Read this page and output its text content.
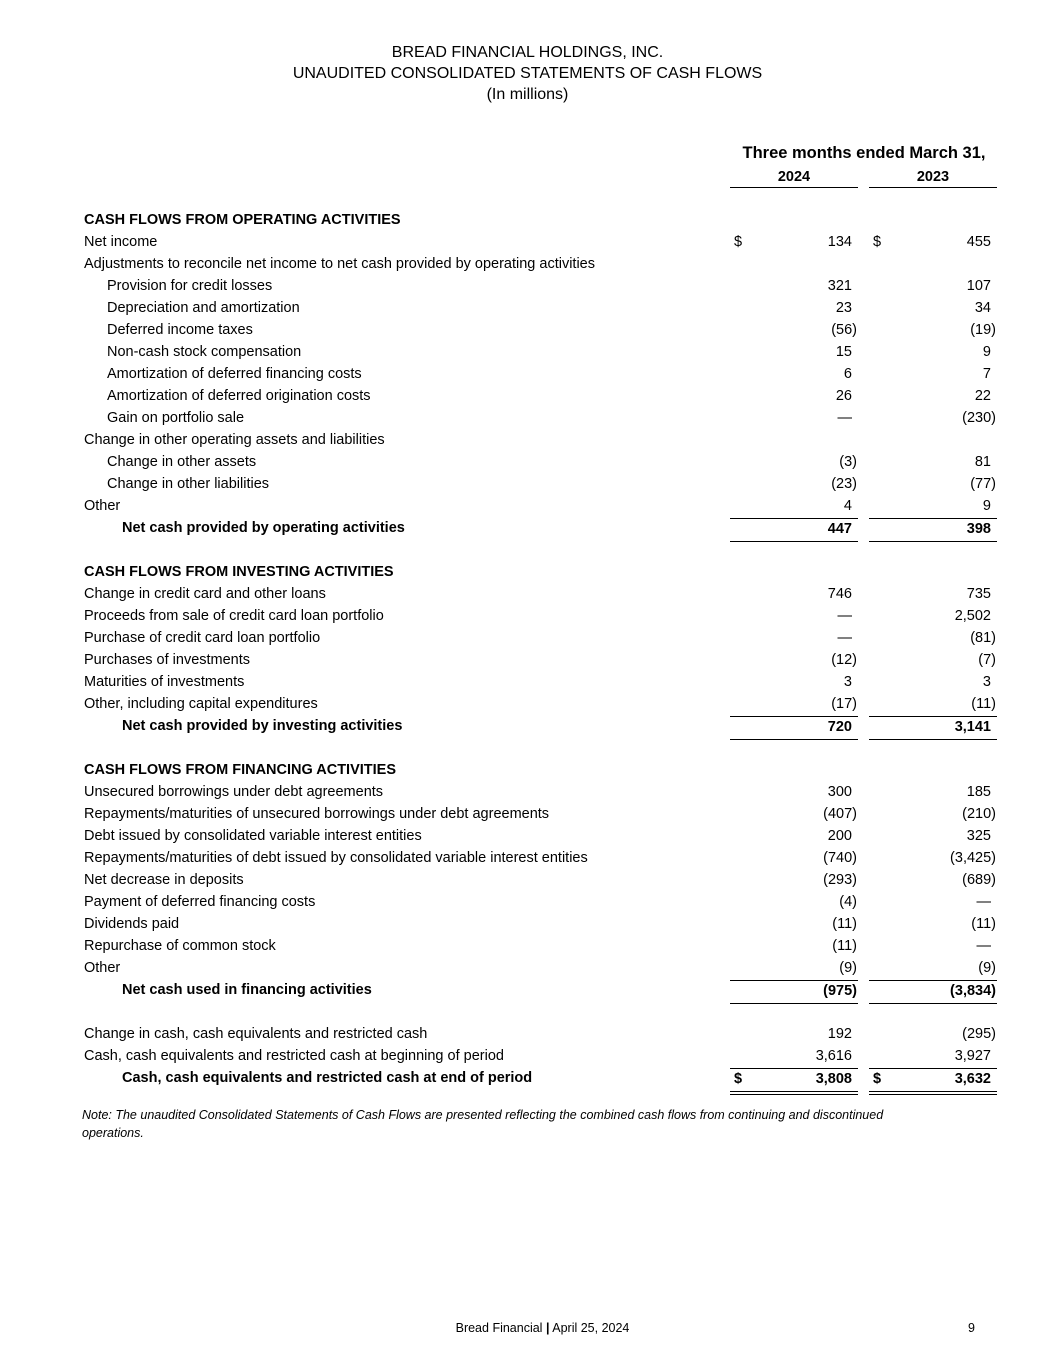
BREAD FINANCIAL HOLDINGS, INC.
UNAUDITED CONSOLIDATED STATEMENTS OF CASH FLOWS
(In millions)
Three months ended March 31,
2024	2023
CASH FLOWS FROM OPERATING ACTIVITIES
Net income	$	134 $	455
Adjustments to reconcile net income to net cash provided by operating activities
Provision for credit losses	321	107
Depreciation and amortization	23	34
Deferred income taxes	(56)	(19)
Non-cash stock compensation	15	9
Amortization of deferred financing costs	6	7
Amortization of deferred origination costs	26	22
Gain on portfolio sale	—	(230)
Change in other operating assets and liabilities
Change in other assets	(3)	81
Change in other liabilities	(23)	(77)
Other	4	9
Net cash provided by operating activities	447	398
CASH FLOWS FROM INVESTING ACTIVITIES
Change in credit card and other loans	746	735
Proceeds from sale of credit card loan portfolio	—	2,502
Purchase of credit card loan portfolio	—	(81)
Purchases of investments	(12)	(7)
Maturities of investments	3	3
Other, including capital expenditures	(17)	(11)
Net cash provided by investing activities	720	3,141
CASH FLOWS FROM FINANCING ACTIVITIES
Unsecured borrowings under debt agreements	300	185
Repayments/maturities of unsecured borrowings under debt agreements	(407)	(210)
Debt issued by consolidated variable interest entities	200	325
Repayments/maturities of debt issued by consolidated variable interest entities	(740)	(3,425)
Net decrease in deposits	(293)	(689)
Payment of deferred financing costs	(4)	—
Dividends paid	(11)	(11)
Repurchase of common stock	(11)	—
Other	(9)	(9)
Net cash used in financing activities	(975)	(3,834)
Change in cash, cash equivalents and restricted cash	192	(295)
Cash, cash equivalents and restricted cash at beginning of period	3,616	3,927
Cash, cash equivalents and restricted cash at end of period	$	3,808 $	3,632
Note: The unaudited Consolidated Statements of Cash Flows are presented reflecting the combined cash flows from continuing and discontinued operations.
Bread Financial | April 25, 2024	9
